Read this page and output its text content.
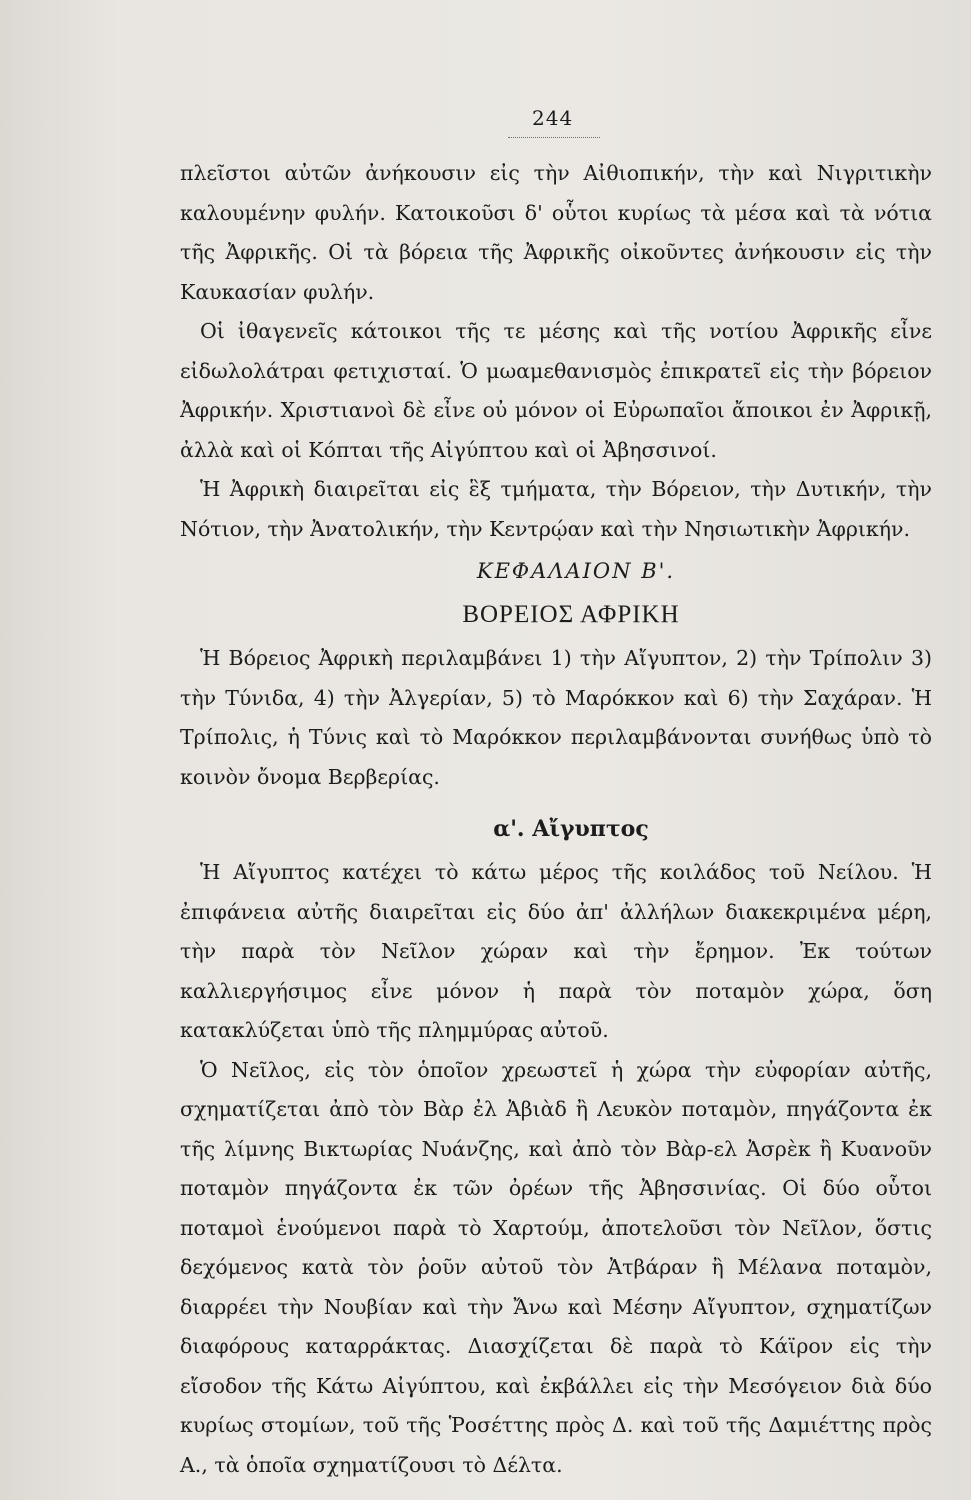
244

πλεῖστοι αὐτῶν ἀνήκουσιν εἰς τὴν Αἰθιοπικήν, τὴν καὶ Νιγριτικὴν καλουμένην φυλήν. Κατοικοῦσι δ' οὗτοι κυρίως τὰ μέσα καὶ τὰ νότια τῆς Ἀφρικῆς. Οἱ τὰ βόρεια τῆς Ἀφρικῆς οἰκοῦντες ἀνήκουσιν εἰς τὴν Καυκασίαν φυλήν.

Οἱ ἰθαγενεῖς κάτοικοι τῆς τε μέσης καὶ τῆς νοτίου Ἀφρικῆς εἶνε εἰδωλολάτραι φετιχισταί. Ὁ μωαμεθανισμὸς ἐπικρατεῖ εἰς τὴν βόρειον Ἀφρικήν. Χριστιανοὶ δὲ εἶνε οὐ μόνον οἱ Εὐρωπαῖοι ἄποικοι ἐν Ἀφρικῇ, ἀλλὰ καὶ οἱ Κόπται τῆς Αἰγύπτου καὶ οἱ Ἀβησσινοί.

Ἡ Ἀφρικὴ διαιρεῖται εἰς ἓξ τμήματα, τὴν Βόρειον, τὴν Δυτικήν, τὴν Νότιον, τὴν Ἀνατολικήν, τὴν Κεντρῴαν καὶ τὴν Νησιωτικὴν Ἀφρικήν.

ΚΕΦΑΛΑΙΟΝ Β'.
ΒΟΡΕΙΟΣ ΑΦΡΙΚΗ

Ἡ Βόρειος Ἀφρικὴ περιλαμβάνει 1) τὴν Αἴγυπτον, 2) τὴν Τρίπολιν 3) τὴν Τύνιδα, 4) τὴν Ἀλγερίαν, 5) τὸ Μαρόκκον καὶ 6) τὴν Σαχάραν. Ἡ Τρίπολις, ἡ Τύνις καὶ τὸ Μαρόκκον περιλαμβάνονται συνήθως ὑπὸ τὸ κοινὸν ὄνομα Βερβερίας.

α'. Αἴγυπτος

Ἡ Αἴγυπτος κατέχει τὸ κάτω μέρος τῆς κοιλάδος τοῦ Νείλου. Ἡ ἐπιφάνεια αὐτῆς διαιρεῖται εἰς δύο ἀπ' ἀλλήλων διακεκριμένα μέρη, τὴν παρὰ τὸν Νεῖλον χώραν καὶ τὴν ἔρημον. Ἐκ τούτων καλλιεργήσιμος εἶνε μόνον ἡ παρὰ τὸν ποταμὸν χώρα, ὅση κατακλύζεται ὑπὸ τῆς πλημμύρας αὐτοῦ.

Ὁ Νεῖλος, εἰς τὸν ὁποῖον χρεωστεῖ ἡ χώρα τὴν εὐφορίαν αὐτῆς, σχηματίζεται ἀπὸ τὸν Βὰρ ἐλ Ἀβιὰδ ἢ Λευκὸν ποταμὸν, πηγάζοντα ἐκ τῆς λίμνης Βικτωρίας Νυάνζης, καὶ ἀπὸ τὸν Βὰρ-ελ Ἀσρὲκ ἢ Κυανοῦν ποταμὸν πηγάζοντα ἐκ τῶν ὀρέων τῆς Ἀβησσινίας. Οἱ δύο οὗτοι ποταμοὶ ἑνούμενοι παρὰ τὸ Χαρτούμ, ἀποτελοῦσι τὸν Νεῖλον, ὅστις δεχόμενος κατὰ τὸν ῥοῦν αὐτοῦ τὸν Ἀτβάραν ἢ Μέλανα ποταμὸν, διαρρέει τὴν Νουβίαν καὶ τὴν Ἄνω καὶ Μέσην Αἴγυπτον, σχηματίζων διαφόρους καταρράκτας. Διασχίζεται δὲ παρὰ τὸ Κάϊρον εἰς τὴν εἴσοδον τῆς Κάτω Αἰγύπτου, καὶ ἐκβάλλει εἰς τὴν Μεσόγειον διὰ δύο κυρίως στομίων, τοῦ τῆς Ῥοσέττης πρὸς Δ. καὶ τοῦ τῆς Δαμιέττης πρὸς Α., τὰ ὁποῖα σχηματίζουσι τὸ Δέλτα.
